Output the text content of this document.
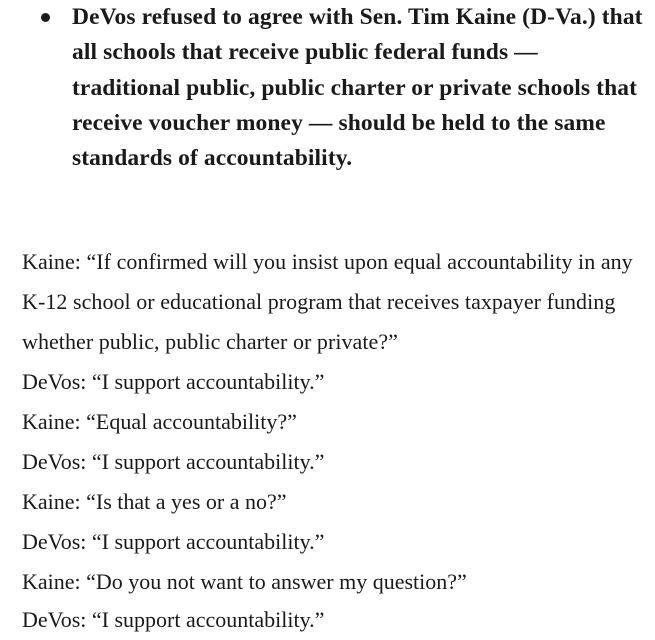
DeVos refused to agree with Sen. Tim Kaine (D-Va.) that all schools that receive public federal funds — traditional public, public charter or private schools that receive voucher money — should be held to the same standards of accountability.

Kaine: “If confirmed will you insist upon equal accountability in any K-12 school or educational program that receives taxpayer funding whether public, public charter or private?”

DeVos: “I support accountability.”

Kaine: “Equal accountability?”

DeVos: “I support accountability.”

Kaine: “Is that a yes or a no?”

DeVos: “I support accountability.”

Kaine: “Do you not want to answer my question?”

DeVos: “I support accountability.”
